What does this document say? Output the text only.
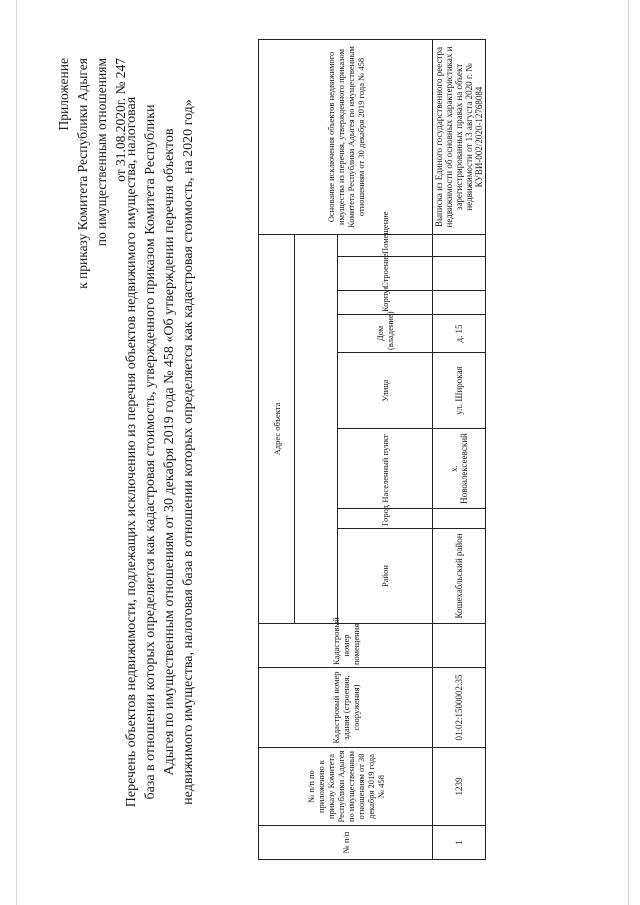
Приложение к приказу Комитета Республики Адыгея по имущественным отношениям от 31.08.2020г. № 247
Перечень объектов недвижимости, подлежащих исключению из перечня объектов недвижимого имущества, налоговая база в отношении которых определяется как кадастровая стоимость, утвержденного приказом Комитета Республики Адыгея по имущественным отношениям от 30 декабря 2019 года № 458 «Об утверждении перечня объектов недвижимого имущества, налоговая база в отношении которых определяется как кадастровая стоимость, на 2020 год»
№ п/п	№ п/п по приложению к приказу Комитета Республики Адыгея по имущественным отношениям от 30 декабря 2019 года № 458	Кадастровый номер здания (строения, сооружения)	Кадастровый номер помещения	Адрес объекта								Основание исключения объектов недвижимого имущества из перечня, утвержденного приказом Комитета Республики Адыгея по имущественным отношениям от 30 декабря 2019 года № 458

				Район	Город	Населенный пункт	Улица	Дом (владение)	Корпус	Строение	Помещение	
1	1239	01:02:1500002:35		Кошехабльский район		х. Новоалексеевский	ул. Широкая	д. 15				Выписка из Единого государственного реестра недвижимости об основных характеристиках и зарегистрированных правах на объект недвижимости от 13 августа 2020 г. № КУВИ-002/2020-12768084
